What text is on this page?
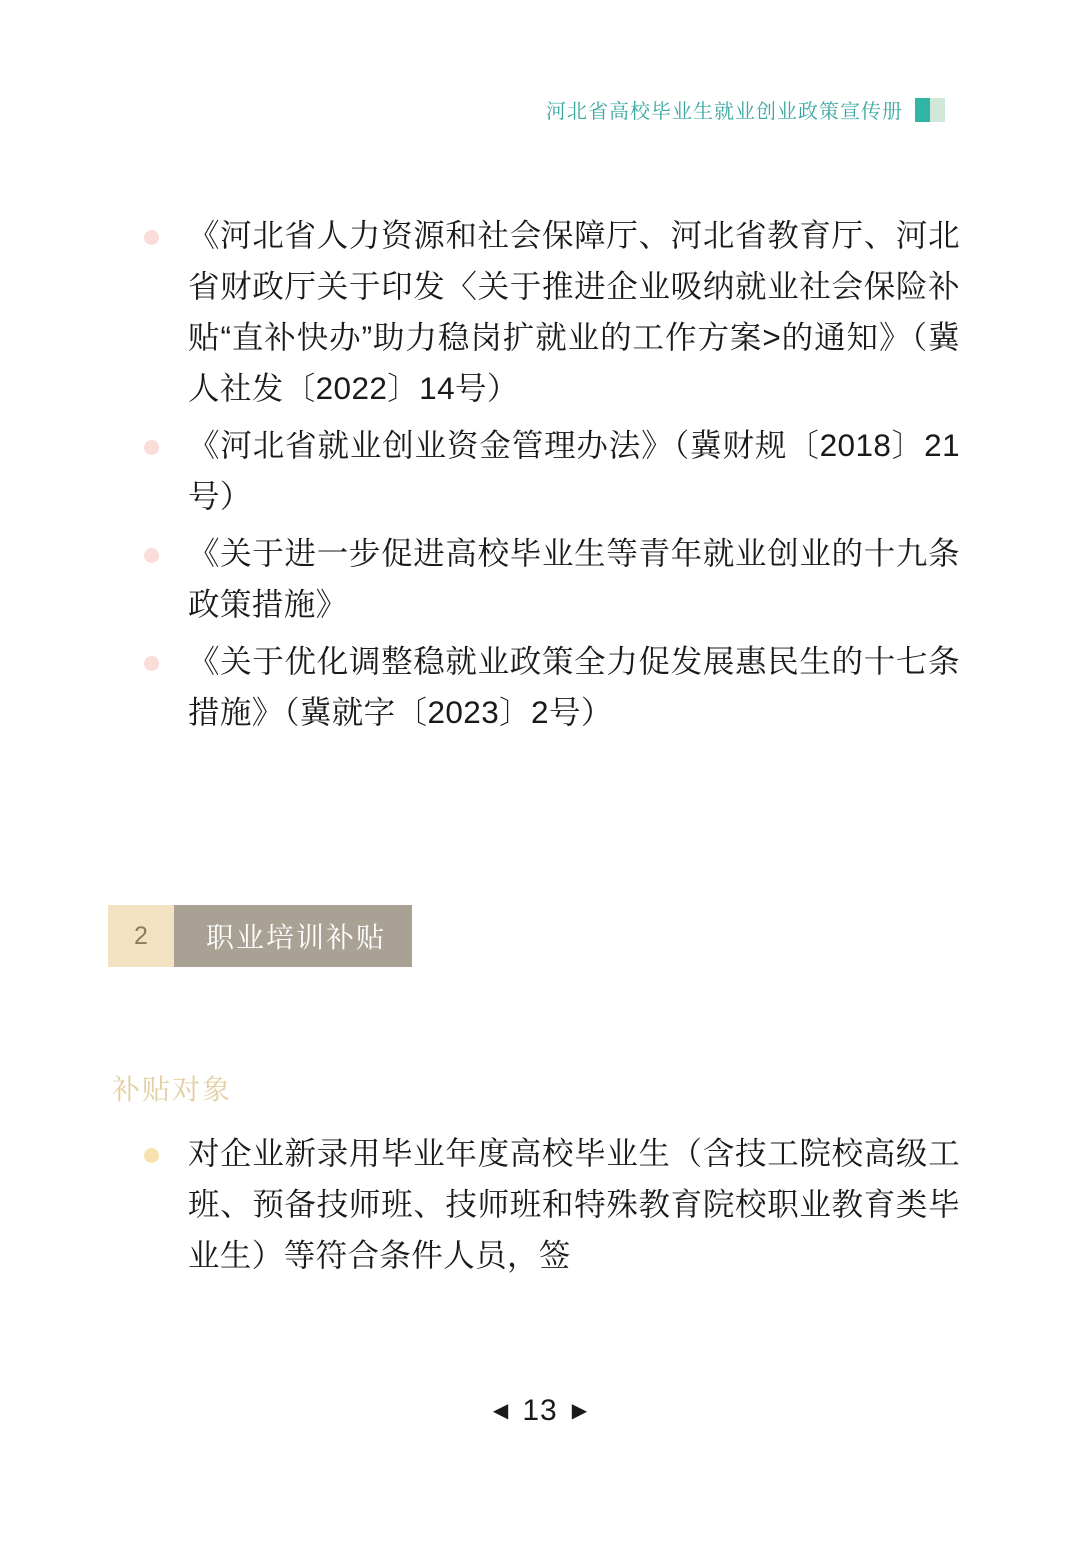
河北省高校毕业生就业创业政策宣传册
《河北省人力资源和社会保障厅、河北省教育厅、河北省财政厅关于印发〈关于推进企业吸纳就业社会保险补贴“直补快办”助力稳岗扩就业的工作方案>的通知》（冀人社发〔2022〕14号）
《河北省就业创业资金管理办法》（冀财规〔2018〕21号）
《关于进一步促进高校毕业生等青年就业创业的十九条政策措施》
《关于优化调整稳就业政策全力促发展惠民生的十七条措施》（冀就字〔2023〕2号）
2	职业培训补贴
补贴对象
对企业新录用毕业年度高校毕业生（含技工院校高级工班、预备技师班、技师班和特殊教育院校职业教育类毕业生）等符合条件人员，签
◀ 13 ▶
